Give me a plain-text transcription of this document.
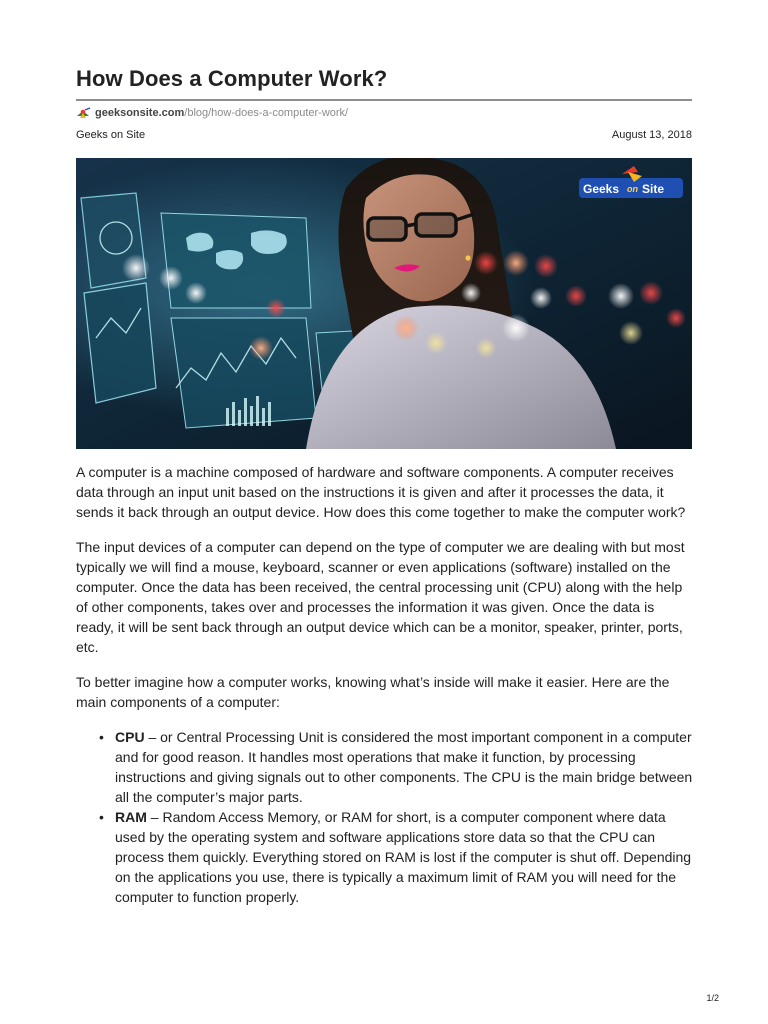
How Does a Computer Work?
geeksonsite.com /blog/how-does-a-computer-work/
Geeks on Site	August 13, 2018
Geeks on Site

A computer is a machine composed of hardware and software components. A computer receives data through an input unit based on the instructions it is given and after it processes the data, it sends it back through an output device. How does this come together to make the computer work?

The input devices of a computer can depend on the type of computer we are dealing with but most typically we will find a mouse, keyboard, scanner or even applications (software) installed on the computer. Once the data has been received, the central processing unit (CPU) along with the help of other components, takes over and processes the information it was given. Once the data is ready, it will be sent back through an output device which can be a monitor, speaker, printer, ports, etc.

To better imagine how a computer works, knowing what’s inside will make it easier. Here are the main components of a computer:

• CPU – or Central Processing Unit is considered the most important component in a computer and for good reason. It handles most operations that make it function, by processing instructions and giving signals out to other components. The CPU is the main bridge between all the computer’s major parts.
• RAM – Random Access Memory, or RAM for short, is a computer component where data used by the operating system and software applications store data so that the CPU can process them quickly. Everything stored on RAM is lost if the computer is shut off. Depending on the applications you use, there is typically a maximum limit of RAM you will need for the computer to function properly.
1/2
